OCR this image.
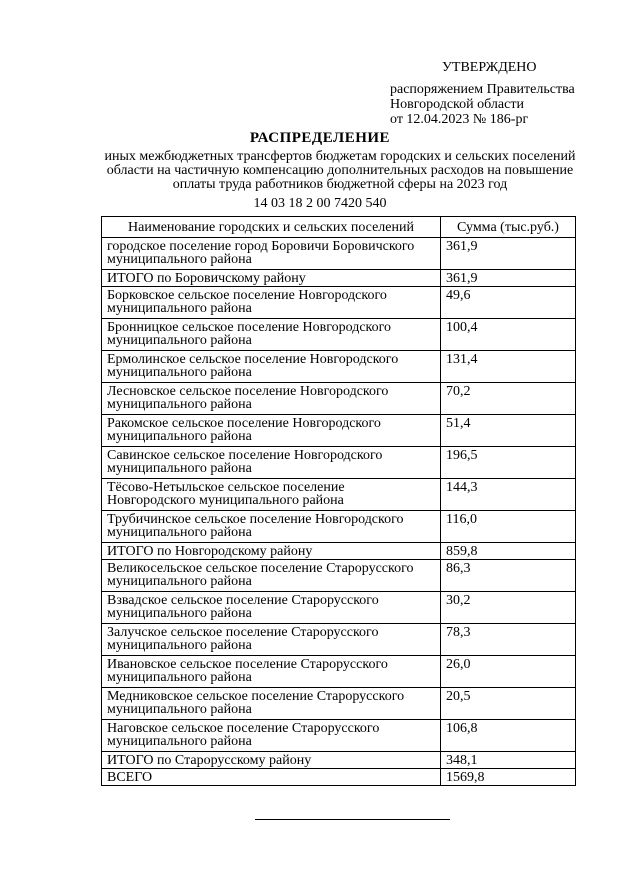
УТВЕРЖДЕНО
распоряжением Правительства
Новгородской области
от 12.04.2023 № 186-рг
РАСПРЕДЕЛЕНИЕ
иных межбюджетных трансфертов бюджетам городских и сельских поселений области на частичную компенсацию дополнительных расходов на повышение оплаты труда работников бюджетной сферы на 2023 год
14 03 18 2 00 7420 540
Наименование городских и сельских поселений	Сумма (тыс.руб.)
городское поселение город Боровичи Боровичского муниципального района	361,9
ИТОГО по Боровичскому району	361,9
Борковское сельское поселение Новгородского муниципального района	49,6
Бронницкое сельское поселение Новгородского муниципального района	100,4
Ермолинское сельское поселение Новгородского муниципального района	131,4
Лесновское сельское поселение Новгородского муниципального района	70,2
Ракомское сельское поселение Новгородского муниципального района	51,4
Савинское сельское поселение Новгородского муниципального района	196,5
Тёсово-Нетыльское сельское поселение Новгородского муниципального района	144,3
Трубичинское сельское поселение Новгородского муниципального района	116,0
ИТОГО по Новгородскому району	859,8
Великосельское сельское поселение Старорусского муниципального района	86,3
Взвадское сельское поселение Старорусского муниципального района	30,2
Залучское сельское поселение Старорусского муниципального района	78,3
Ивановское сельское поселение Старорусского муниципального района	26,0
Медниковское сельское поселение Старорусского муниципального района	20,5
Наговское сельское поселение Старорусского муниципального района	106,8
ИТОГО по Старорусскому району	348,1
ВСЕГО	1569,8
